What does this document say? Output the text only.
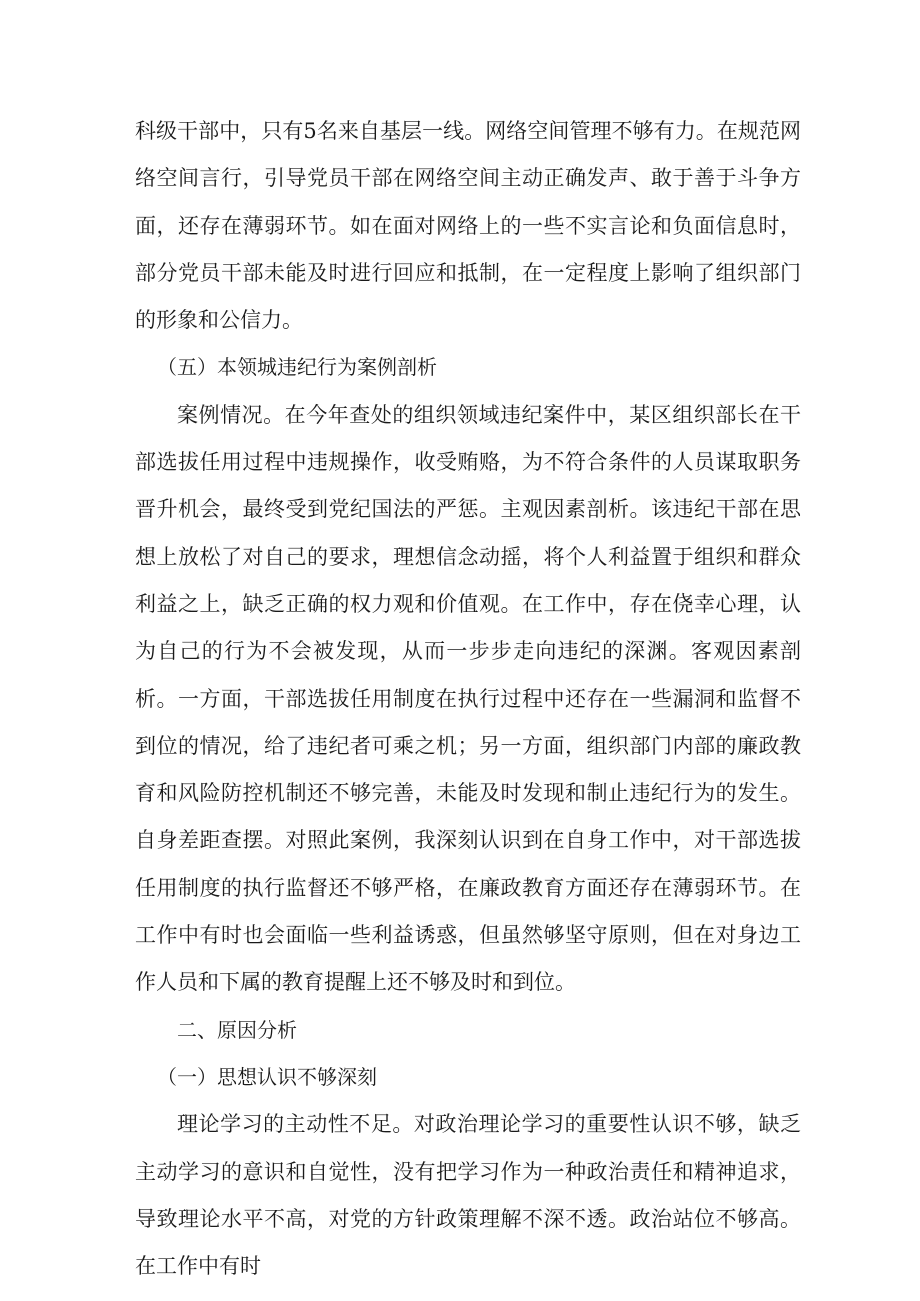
科级干部中，只有5名来自基层一线。网络空间管理不够有力。在规范网络空间言行，引导党员干部在网络空间主动正确发声、敢于善于斗争方面，还存在薄弱环节。如在面对网络上的一些不实言论和负面信息时，部分党员干部未能及时进行回应和抵制，在一定程度上影响了组织部门的形象和公信力。

（五）本领城违纪行为案例剖析

案例情况。在今年查处的组织领域违纪案件中，某区组织部长在干部选拔任用过程中违规操作，收受贿赂，为不符合条件的人员谋取职务晋升机会，最终受到党纪国法的严惩。主观因素剖析。该违纪干部在思想上放松了对自己的要求，理想信念动摇，将个人利益置于组织和群众利益之上，缺乏正确的权力观和价值观。在工作中，存在侥幸心理，认为自己的行为不会被发现，从而一步步走向违纪的深渊。客观因素剖析。一方面，干部选拔任用制度在执行过程中还存在一些漏洞和监督不到位的情况，给了违纪者可乘之机；另一方面，组织部门内部的廉政教育和风险防控机制还不够完善，未能及时发现和制止违纪行为的发生。自身差距查摆。对照此案例，我深刻认识到在自身工作中，对干部选拔任用制度的执行监督还不够严格，在廉政教育方面还存在薄弱环节。在工作中有时也会面临一些利益诱惑，但虽然够坚守原则，但在对身边工作人员和下属的教育提醒上还不够及时和到位。

二、原因分析

（一）思想认识不够深刻

理论学习的主动性不足。对政治理论学习的重要性认识不够，缺乏主动学习的意识和自觉性，没有把学习作为一种政治责任和精神追求，导致理论水平不高，对党的方针政策理解不深不透。政治站位不够高。在工作中有时
